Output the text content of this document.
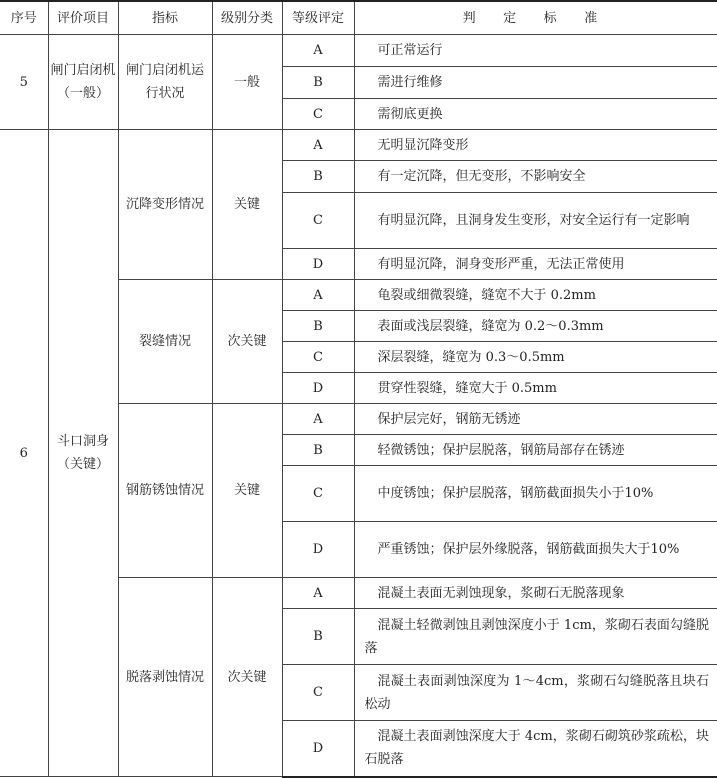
序号	评价项目	指标	级别分类	等级评定	判 定 标 准
5	闸门启闭机（一般）	闸门启闭机运行状况	一般	A	可正常运行
				B	需进行维修
				C	需彻底更换
6	斗口洞身（关键）	沉降变形情况	关键	A	无明显沉降变形
				B	有一定沉降，但无变形，不影响安全
				C	有明显沉降，且洞身发生变形，对安全运行有一定影响
				D	有明显沉降，洞身变形严重，无法正常使用
		裂缝情况	次关键	A	龟裂或细微裂缝，缝宽不大于 0.2mm
				B	表面或浅层裂缝，缝宽为 0.2～0.3mm
				C	深层裂缝，缝宽为 0.3～0.5mm
				D	贯穿性裂缝，缝宽大于 0.5mm
		钢筋锈蚀情况	关键	A	保护层完好，钢筋无锈迹
				B	轻微锈蚀；保护层脱落，钢筋局部存在锈迹
				C	中度锈蚀；保护层脱落，钢筋截面损失小于10%
				D	严重锈蚀；保护层外缘脱落，钢筋截面损失大于10%
		脱落剥蚀情况	次关键	A	混凝土表面无剥蚀现象，浆砌石无脱落现象
				B	混凝土轻微剥蚀且剥蚀深度小于 1cm，浆砌石表面勾缝脱落
				C	混凝土表面剥蚀深度为 1～4cm，浆砌石勾缝脱落且块石松动
				D	混凝土表面剥蚀深度大于 4cm，浆砌石砌筑砂浆疏松，块石脱落
